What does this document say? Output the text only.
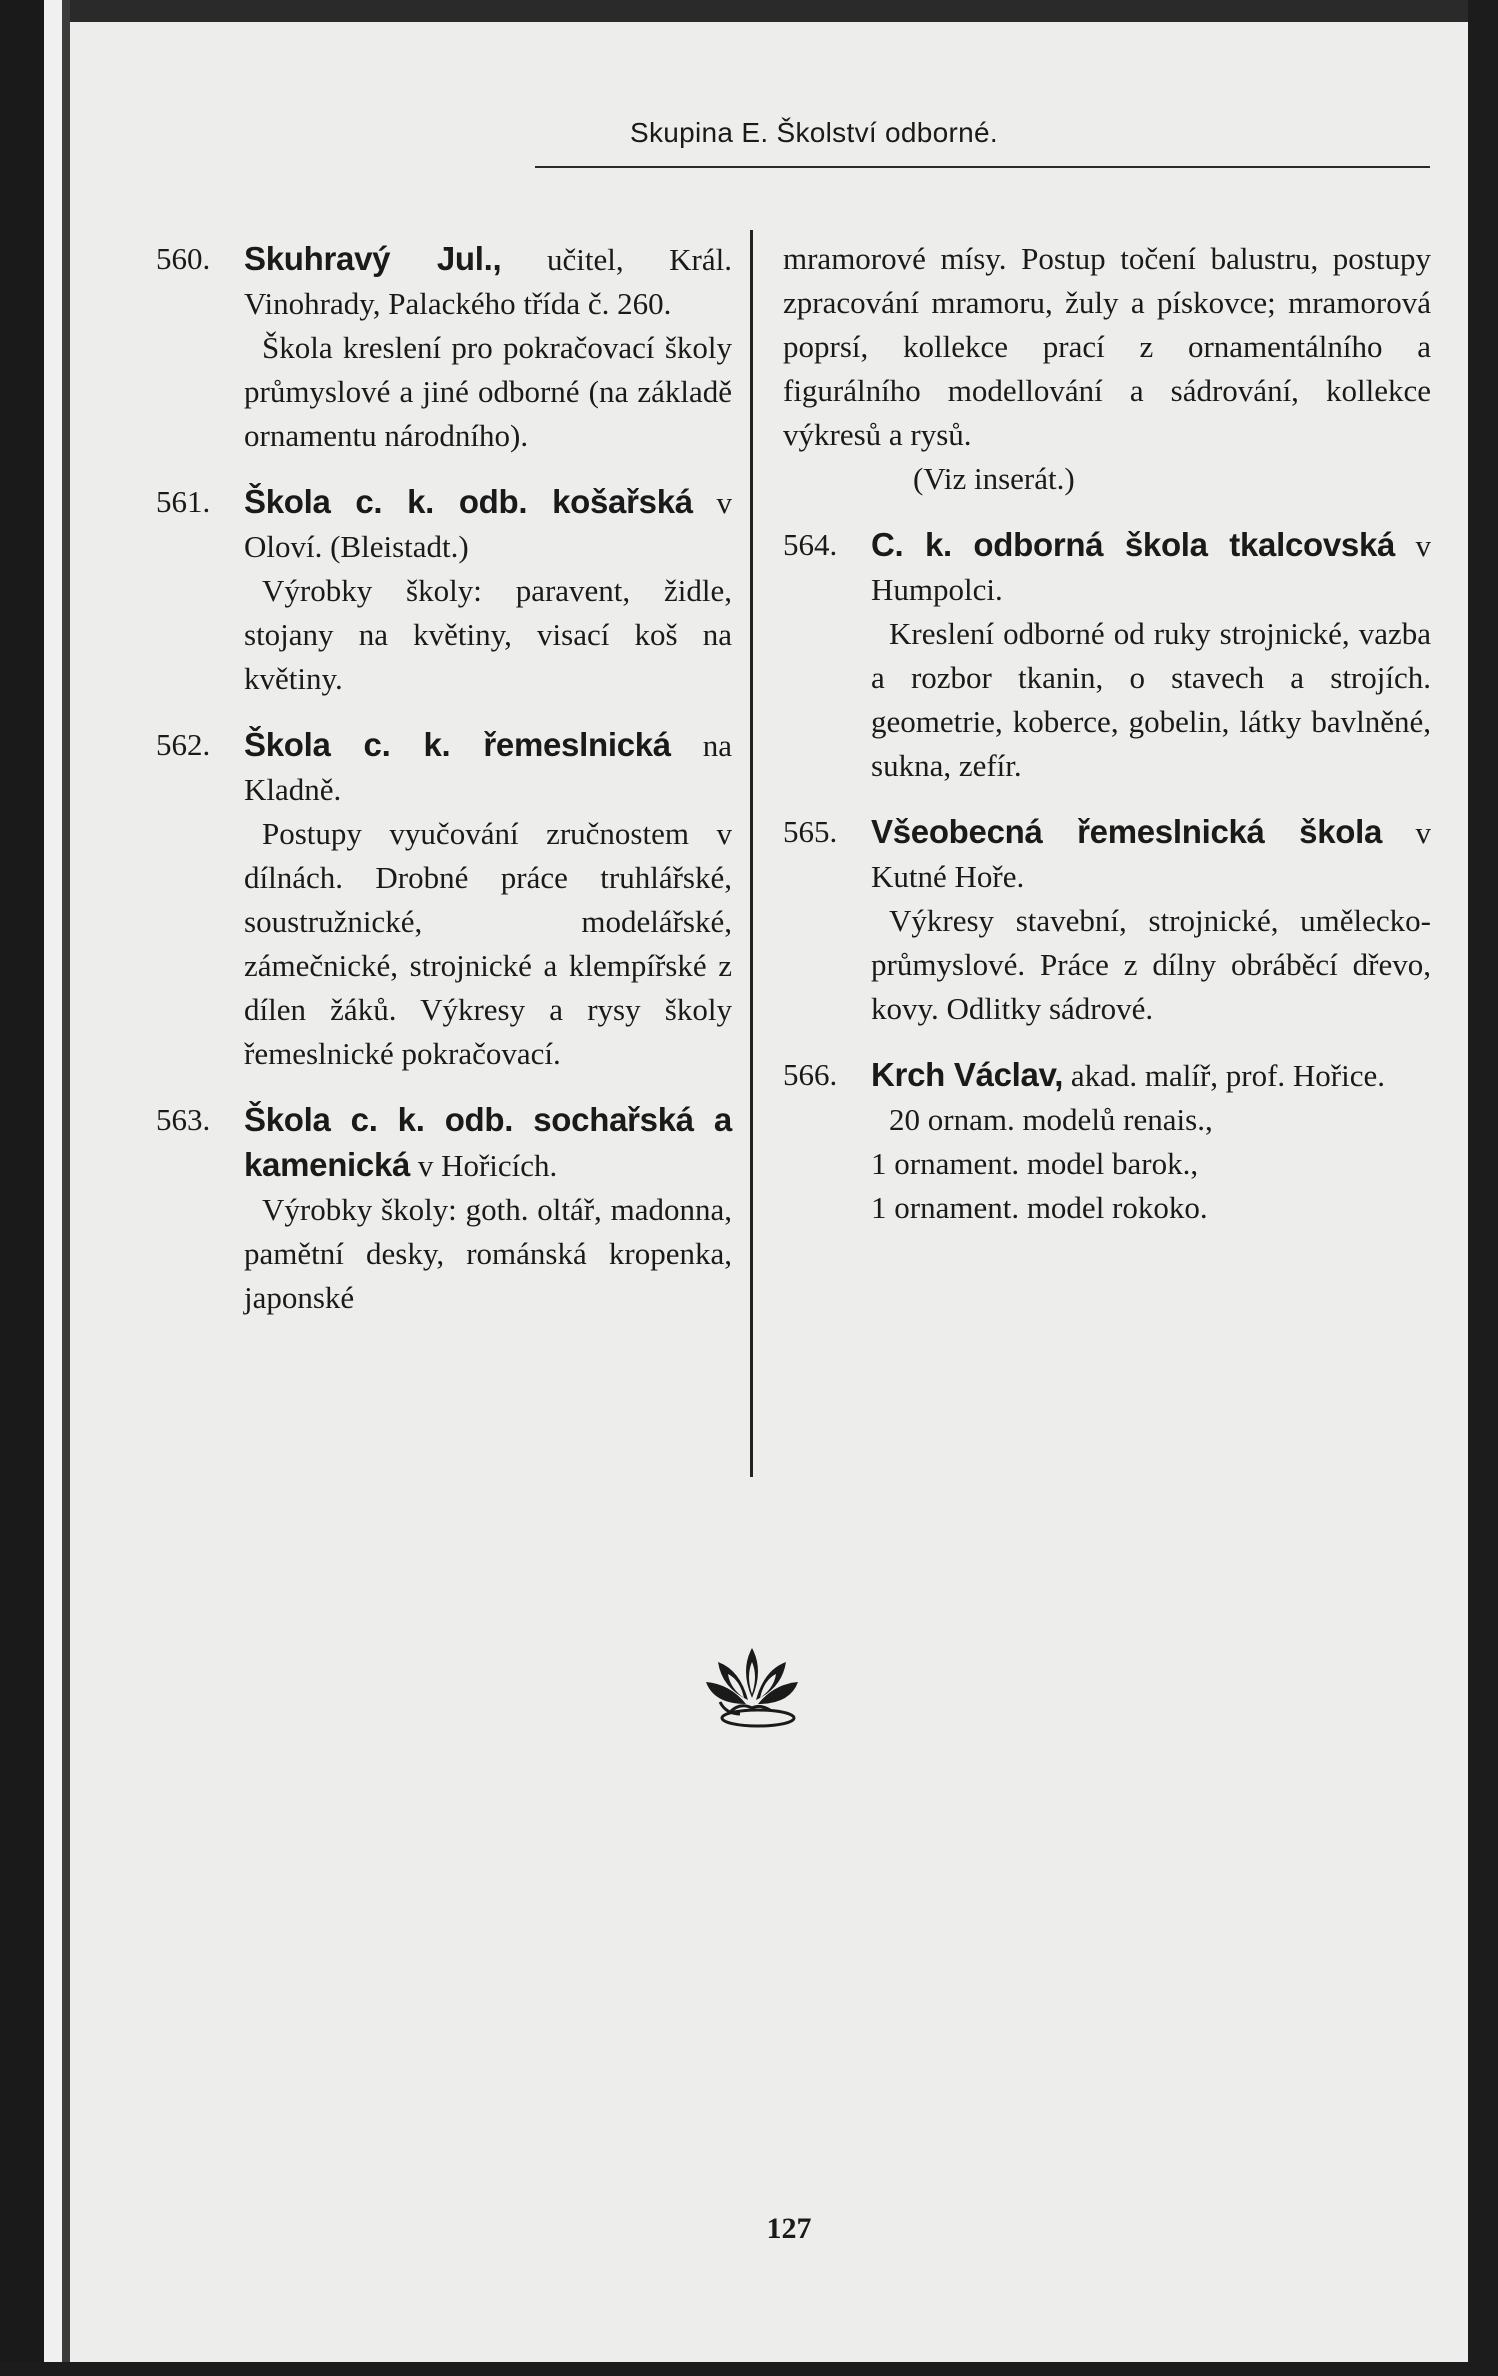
Skupina E. Školství odborné.
560.	Skuhravý Jul., učitel, Král. Vinohrady, Palackého třída č. 260.
Škola kreslení pro pokračovací školy průmyslové a jiné odborné (na základě ornamentu národního).
561.	Škola c. k. odb. košařská v Oloví. (Bleistadt.)
Výrobky školy: paravent, židle, stojany na květiny, visací koš na květiny.
562.	Škola c. k. řemeslnická na Kladně.
Postupy vyučování zručnostem v dílnách. Drobné práce truhlářské, soustružnické, modelářské, zámečnické, strojnické a klempířské z dílen žáků. Výkresy a rysy školy řemeslnické pokračovací.
563.	Škola c. k. odb. sochařská a kamenická v Hořicích.
Výrobky školy: goth. oltář, madonna, pamětní desky, románská kropenka, japonské
mramorové mísy. Postup točení balustru, postupy zpracování mramoru, žuly a pískovce; mramorová poprsí, kollekce prací z ornamentálního a figurálního modellování a sádrování, kollekce výkresů a rysů.
(Viz inserát.)
564.	C. k. odborná škola tkalcovská v Humpolci.
Kreslení odborné od ruky strojnické, vazba a rozbor tkanin, o stavech a strojích. geometrie, koberce, gobelin, látky bavlněné, sukna, zefír.
565.	Všeobecná řemeslnická škola v Kutné Hoře.
Výkresy stavební, strojnické, umělecko-průmyslové. Práce z dílny obráběcí dřevo, kovy. Odlitky sádrové.
566.	Krch Václav, akad. malíř, prof. Hořice.
20 ornam. modelů renais.,
1 ornament. model barok.,
1 ornament. model rokoko.
127
